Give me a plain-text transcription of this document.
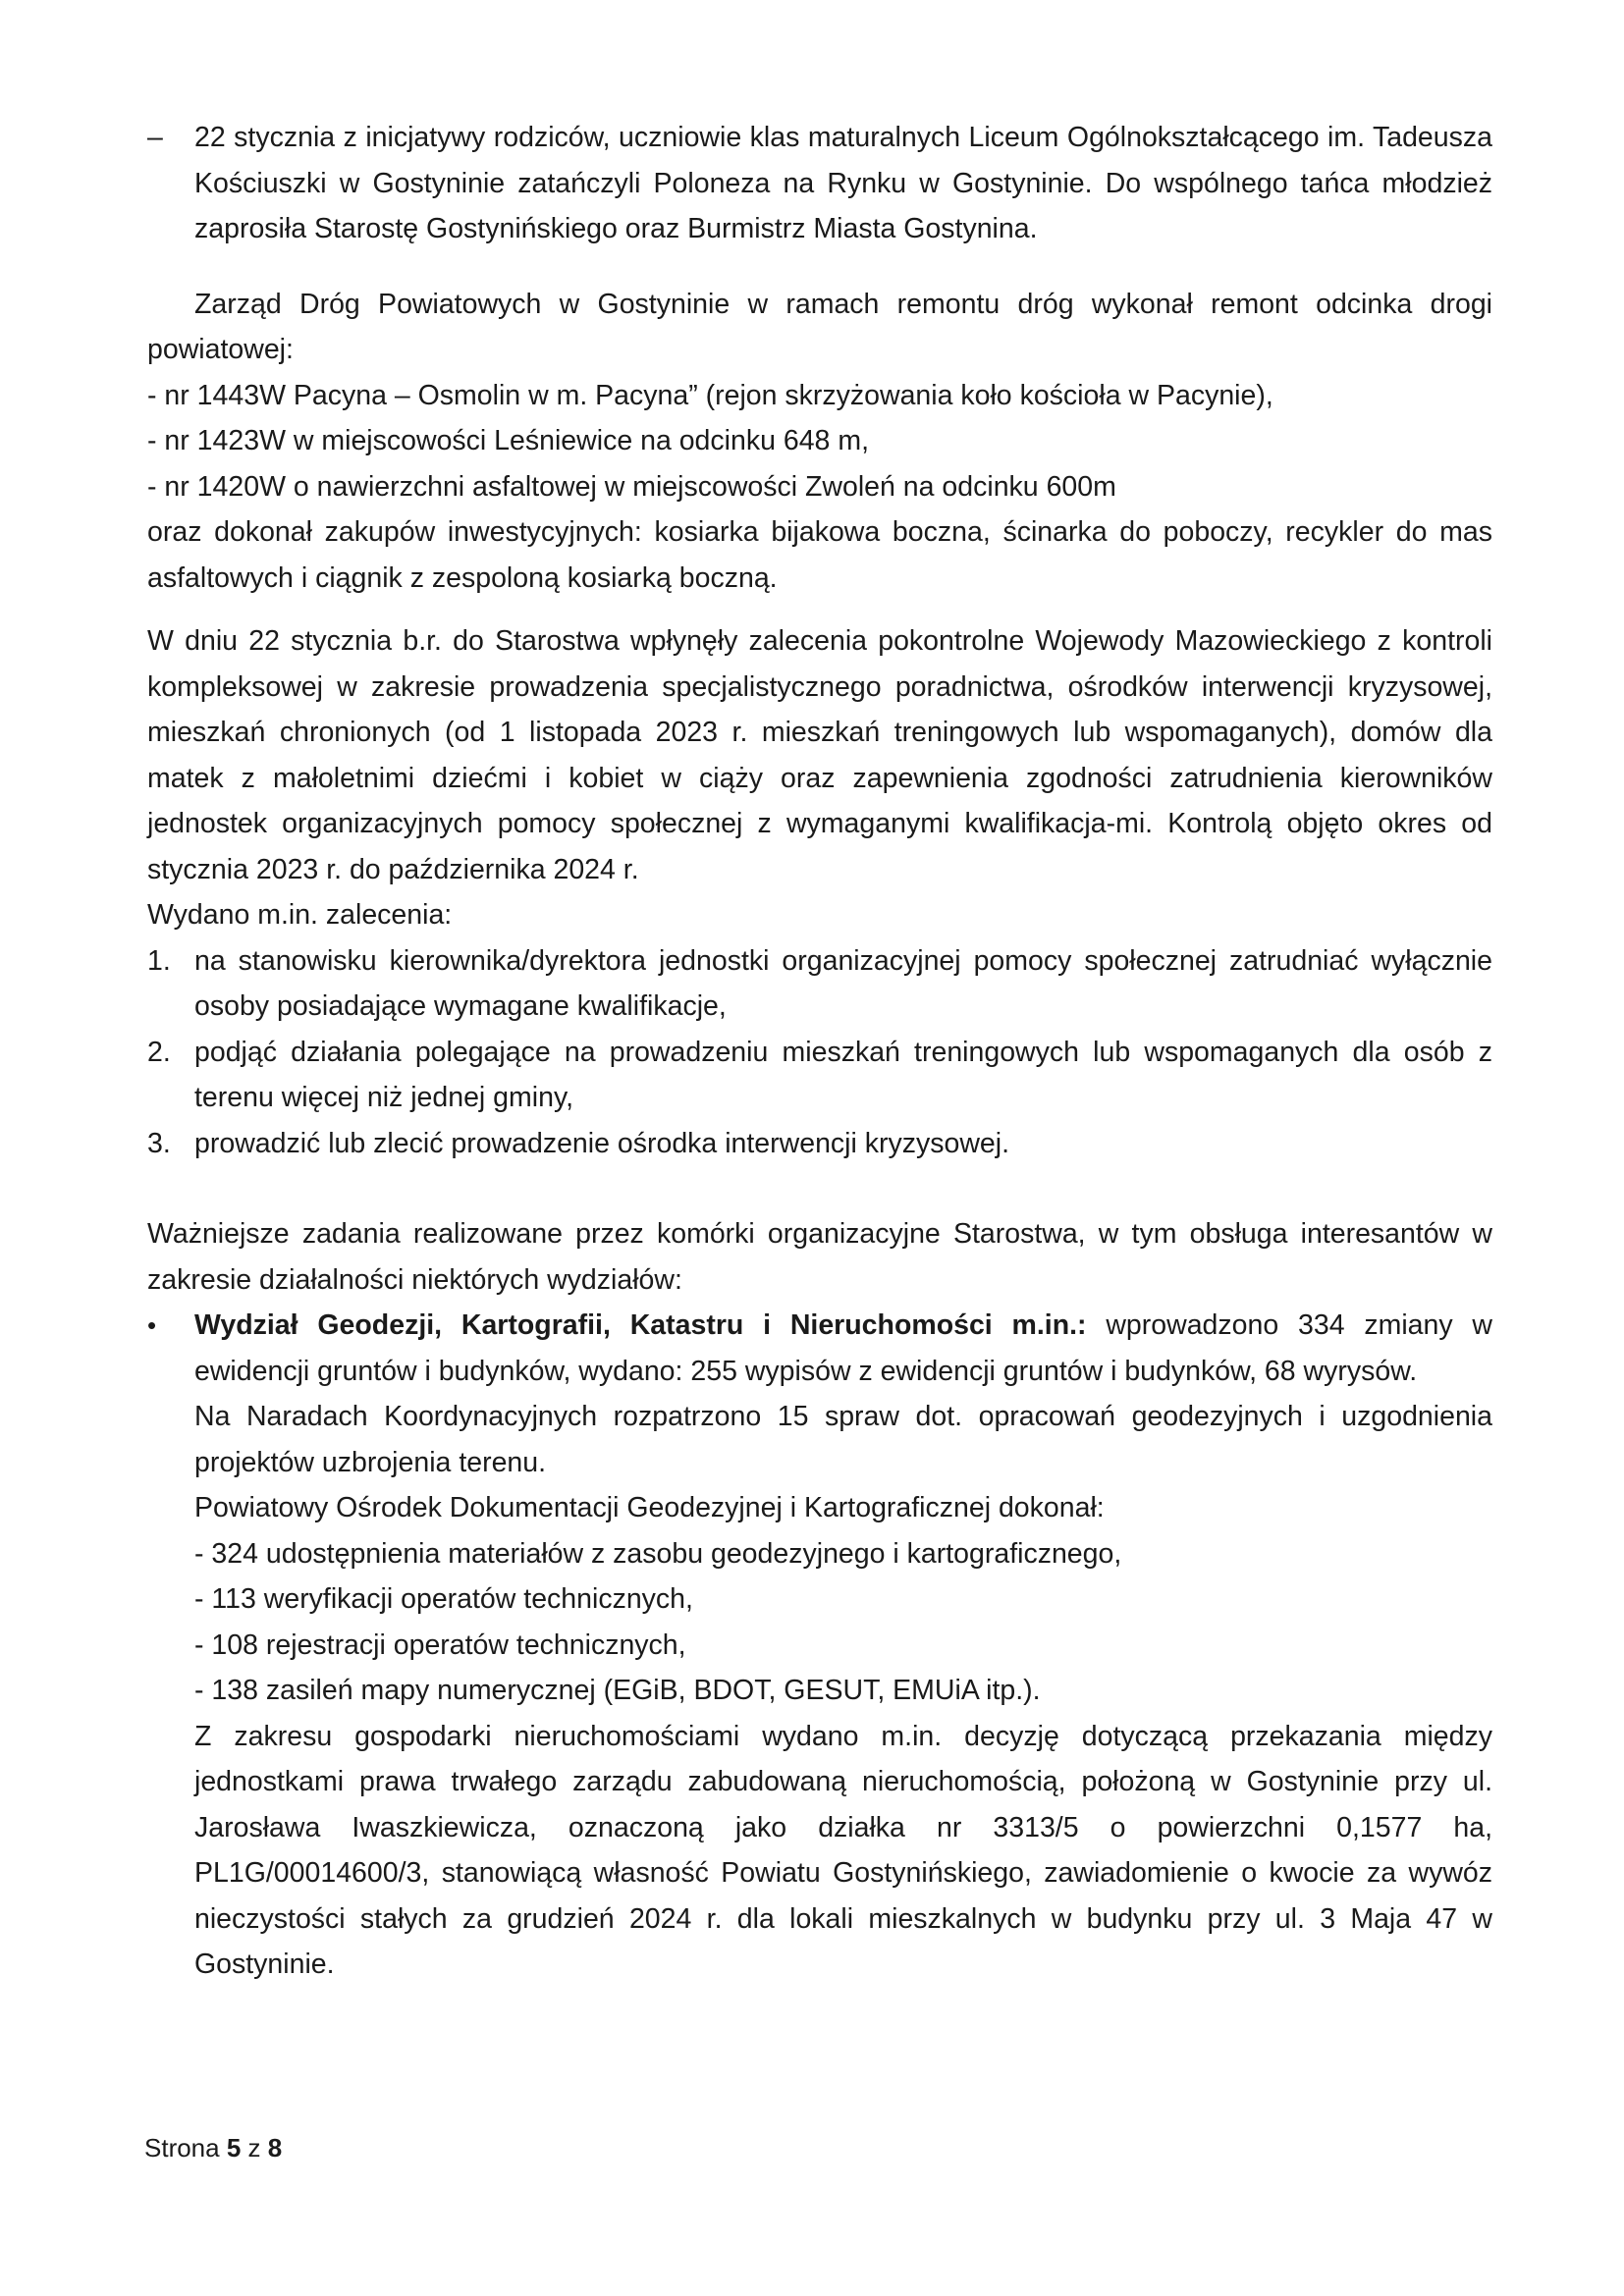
– 22 stycznia z inicjatywy rodziców, uczniowie klas maturalnych Liceum Ogólnokształcącego im. Tadeusza Kościuszki w Gostyninie zatańczyli Poloneza na Rynku w Gostyninie. Do wspólnego tańca młodzież zaprosiła Starostę Gostynińskiego oraz Burmistrz Miasta Gostynina.

Zarząd Dróg Powiatowych w Gostyninie w ramach remontu dróg wykonał remont odcinka drogi powiatowej:

- nr 1443W Pacyna – Osmolin w m. Pacyna” (rejon skrzyżowania koło kościoła w Pacynie),

- nr 1423W w miejscowości Leśniewice na odcinku 648 m,

- nr 1420W o nawierzchni asfaltowej w miejscowości Zwoleń na odcinku 600m

oraz dokonał zakupów inwestycyjnych: kosiarka bijakowa boczna, ścinarka do poboczy, recykler do mas asfaltowych i ciągnik z zespoloną kosiarką boczną.

W dniu 22 stycznia b.r. do Starostwa wpłynęły zalecenia pokontrolne Wojewody Mazowieckiego z kontroli kompleksowej w zakresie prowadzenia specjalistycznego poradnictwa, ośrodków interwencji kryzysowej, mieszkań chronionych (od 1 listopada 2023 r. mieszkań treningowych lub wspomaganych), domów dla matek z małoletnimi dziećmi i kobiet w ciąży oraz zapewnienia zgodności zatrudnienia kierowników jednostek organizacyjnych pomocy społecznej z wymaganymi kwalifikacja-mi. Kontrolą objęto okres od stycznia 2023 r. do października 2024 r.

Wydano m.in. zalecenia:

1. na stanowisku kierownika/dyrektora jednostki organizacyjnej pomocy społecznej zatrudniać wyłącznie osoby posiadające wymagane kwalifikacje,

2. podjąć działania polegające na prowadzeniu mieszkań treningowych lub wspomaganych dla osób z terenu więcej niż jednej gminy,

3. prowadzić lub zlecić prowadzenie ośrodka interwencji kryzysowej.

Ważniejsze zadania realizowane przez komórki organizacyjne Starostwa, w tym obsługa interesantów w zakresie działalności niektórych wydziałów:

• Wydział Geodezji, Kartografii, Katastru i Nieruchomości m.in.: wprowadzono 334 zmiany w ewidencji gruntów i budynków, wydano: 255 wypisów z ewidencji gruntów i budynków, 68 wyrysów.

Na Naradach Koordynacyjnych rozpatrzono 15 spraw dot. opracowań geodezyjnych i uzgodnienia projektów uzbrojenia terenu.

Powiatowy Ośrodek Dokumentacji Geodezyjnej i Kartograficznej dokonał:

- 324 udostępnienia materiałów z zasobu geodezyjnego i kartograficznego,

- 113 weryfikacji operatów technicznych,

- 108 rejestracji operatów technicznych,

- 138 zasileń mapy numerycznej (EGiB, BDOT, GESUT, EMUiA itp.).

Z zakresu gospodarki nieruchomościami wydano m.in. decyzję dotyczącą przekazania między jednostkami prawa trwałego zarządu zabudowaną nieruchomością, położoną w Gostyninie przy ul. Jarosława Iwaszkiewicza, oznaczoną jako działka nr 3313/5 o powierzchni 0,1577 ha, PL1G/00014600/3, stanowiącą własność Powiatu Gostynińskiego, zawiadomienie o kwocie za wywóz nieczystości stałych za grudzień 2024 r. dla lokali mieszkalnych w budynku przy ul. 3 Maja 47 w Gostyninie.

Strona 5 z 8
